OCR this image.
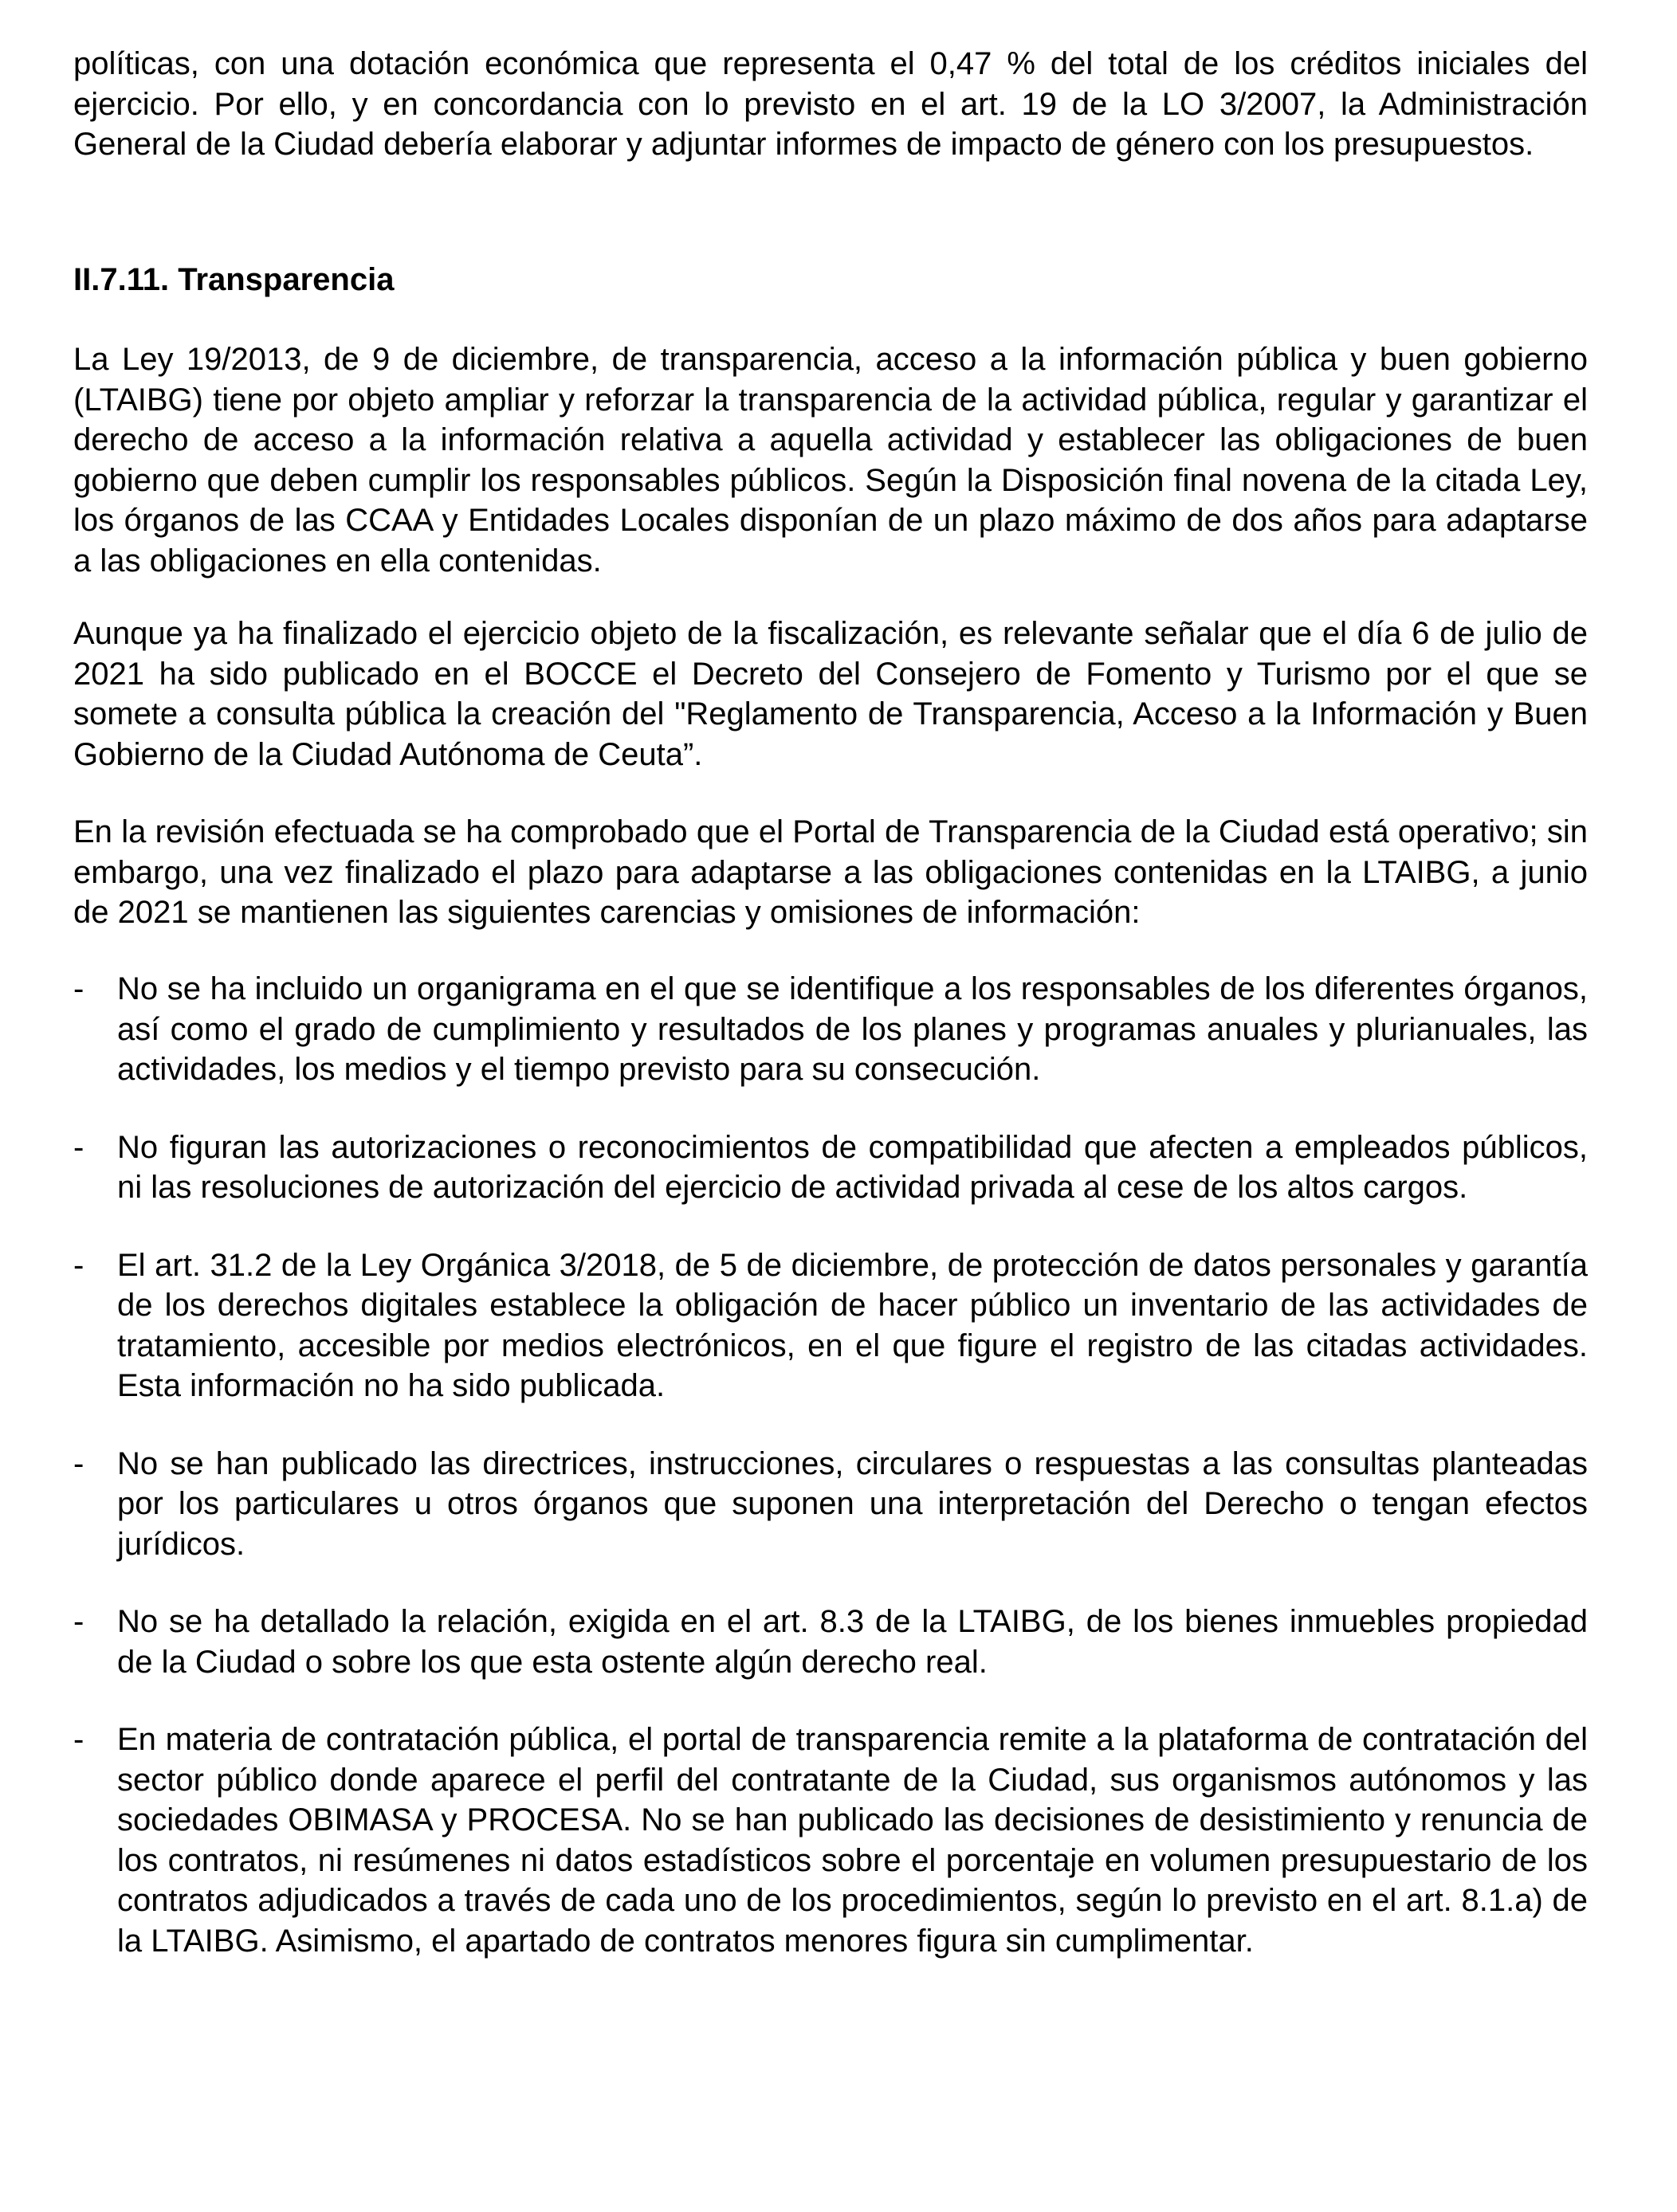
políticas, con una dotación económica que representa el 0,47 % del total de los créditos iniciales del ejercicio. Por ello, y en concordancia con lo previsto en el art. 19 de la LO 3/2007, la Administración General de la Ciudad debería elaborar y adjuntar informes de impacto de género con los presupuestos.

II.7.11. Transparencia

La Ley 19/2013, de 9 de diciembre, de transparencia, acceso a la información pública y buen gobierno (LTAIBG) tiene por objeto ampliar y reforzar la transparencia de la actividad pública, regular y garantizar el derecho de acceso a la información relativa a aquella actividad y establecer las obligaciones de buen gobierno que deben cumplir los responsables públicos. Según la Disposición final novena de la citada Ley, los órganos de las CCAA y Entidades Locales disponían de un plazo máximo de dos años para adaptarse a las obligaciones en ella contenidas.

Aunque ya ha finalizado el ejercicio objeto de la fiscalización, es relevante señalar que el día 6 de julio de 2021 ha sido publicado en el BOCCE el Decreto del Consejero de Fomento y Turismo por el que se somete a consulta pública la creación del "Reglamento de Transparencia, Acceso a la Información y Buen Gobierno de la Ciudad Autónoma de Ceuta”.

En la revisión efectuada se ha comprobado que el Portal de Transparencia de la Ciudad está operativo; sin embargo, una vez finalizado el plazo para adaptarse a las obligaciones contenidas en la LTAIBG, a junio de 2021 se mantienen las siguientes carencias y omisiones de información:

- No se ha incluido un organigrama en el que se identifique a los responsables de los diferentes órganos, así como el grado de cumplimiento y resultados de los planes y programas anuales y plurianuales, las actividades, los medios y el tiempo previsto para su consecución.

- No figuran las autorizaciones o reconocimientos de compatibilidad que afecten a empleados públicos, ni las resoluciones de autorización del ejercicio de actividad privada al cese de los altos cargos.

- El art. 31.2 de la Ley Orgánica 3/2018, de 5 de diciembre, de protección de datos personales y garantía de los derechos digitales establece la obligación de hacer público un inventario de las actividades de tratamiento, accesible por medios electrónicos, en el que figure el registro de las citadas actividades. Esta información no ha sido publicada.

- No se han publicado las directrices, instrucciones, circulares o respuestas a las consultas planteadas por los particulares u otros órganos que suponen una interpretación del Derecho o tengan efectos jurídicos.

- No se ha detallado la relación, exigida en el art. 8.3 de la LTAIBG, de los bienes inmuebles propiedad de la Ciudad o sobre los que esta ostente algún derecho real.

- En materia de contratación pública, el portal de transparencia remite a la plataforma de contratación del sector público donde aparece el perfil del contratante de la Ciudad, sus organismos autónomos y las sociedades OBIMASA y PROCESA. No se han publicado las decisiones de desistimiento y renuncia de los contratos, ni resúmenes ni datos estadísticos sobre el porcentaje en volumen presupuestario de los contratos adjudicados a través de cada uno de los procedimientos, según lo previsto en el art. 8.1.a) de la LTAIBG. Asimismo, el apartado de contratos menores figura sin cumplimentar.
